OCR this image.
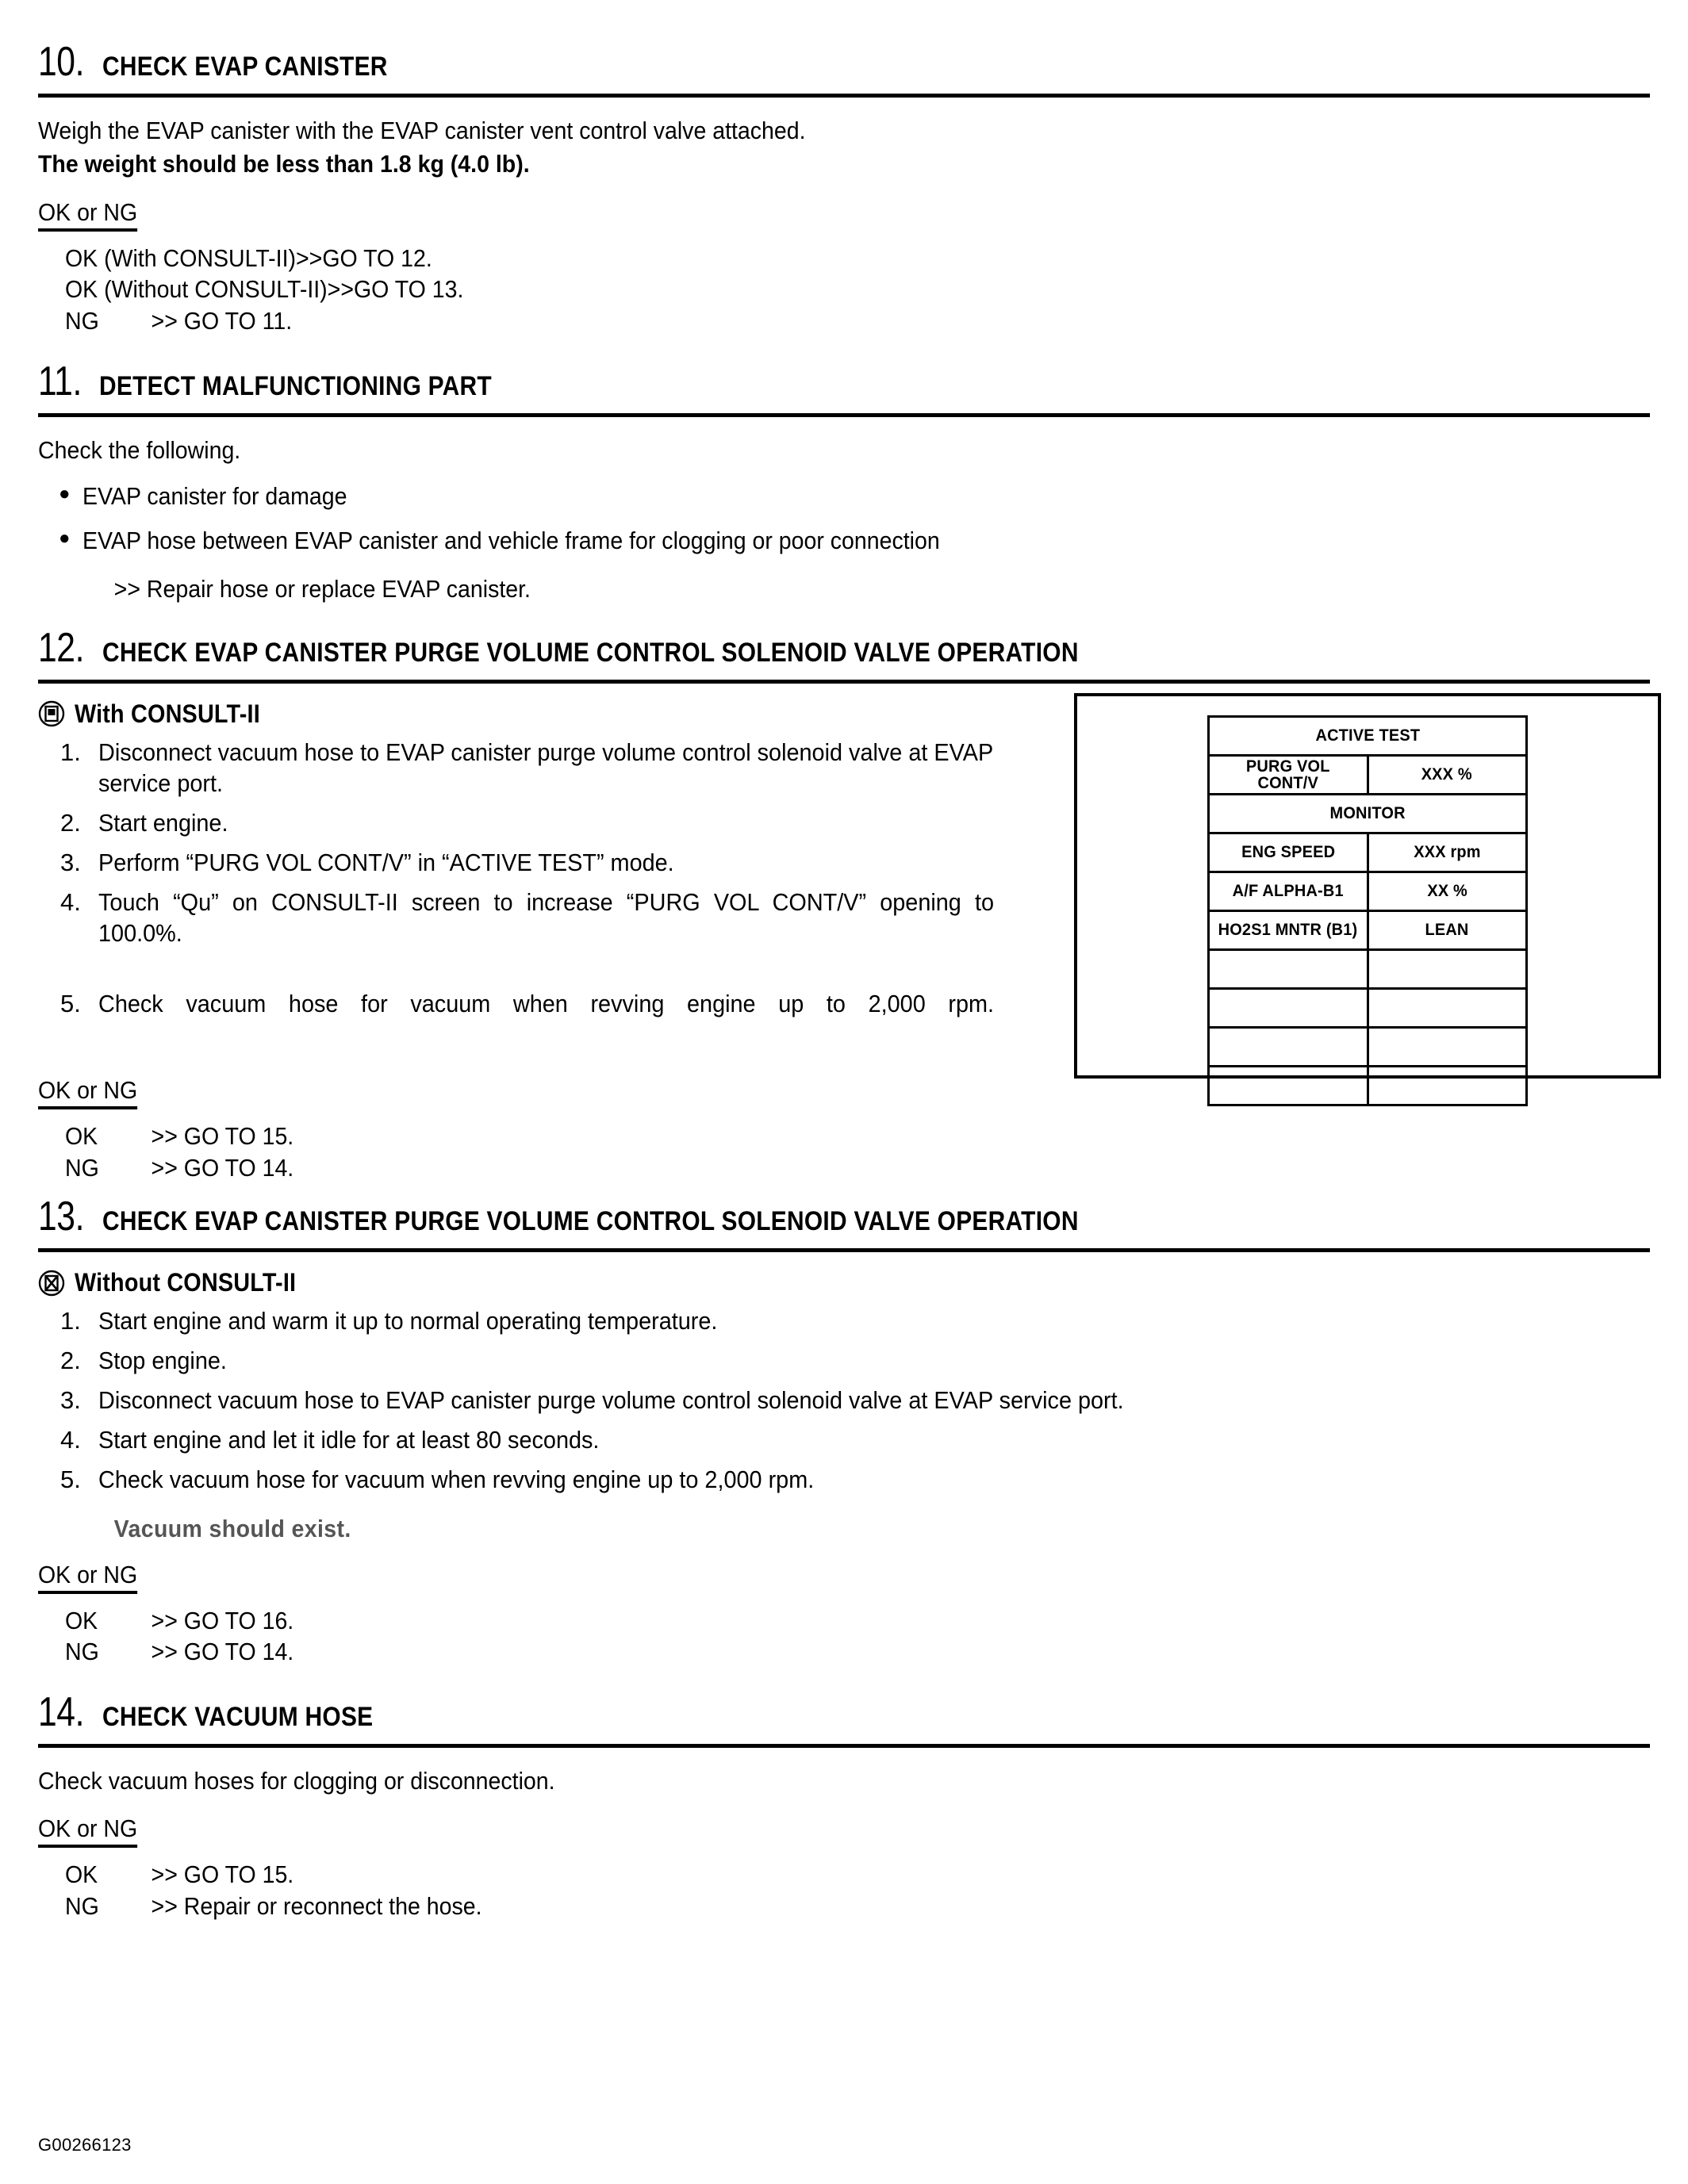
10. CHECK EVAP CANISTER
Weigh the EVAP canister with the EVAP canister vent control valve attached.
The weight should be less than 1.8 kg (4.0 lb).
OK or NG
OK (With CONSULT-II) >>GO TO 12.
OK (Without CONSULT-II) >>GO TO 13.
NG	>> GO TO 11.
11. DETECT MALFUNCTIONING PART
Check the following.
● EVAP canister for damage
● EVAP hose between EVAP canister and vehicle frame for clogging or poor connection
>> Repair hose or replace EVAP canister.
12. CHECK EVAP CANISTER PURGE VOLUME CONTROL SOLENOID VALVE OPERATION
With CONSULT-II
1. Disconnect vacuum hose to EVAP canister purge volume control solenoid valve at EVAP service port.
2. Start engine.
3. Perform “PURG VOL CONT/V” in “ACTIVE TEST” mode.
4. Touch “Qu” on CONSULT-II screen to increase “PURG VOL CONT/V” opening to 100.0%.
5. Check vacuum hose for vacuum when revving engine up to 2,000 rpm.
OK or NG
OK	>> GO TO 15.
NG	>> GO TO 14.
ACTIVE TEST	
PURG VOL CONT/V	XXX %
MONITOR	
ENG SPEED	XXX rpm
A/F ALPHA-B1	XX %
HO2S1 MNTR (B1)	LEAN

13. CHECK EVAP CANISTER PURGE VOLUME CONTROL SOLENOID VALVE OPERATION
Without CONSULT-II
1. Start engine and warm it up to normal operating temperature.
2. Stop engine.
3. Disconnect vacuum hose to EVAP canister purge volume control solenoid valve at EVAP service port.
4. Start engine and let it idle for at least 80 seconds.
5. Check vacuum hose for vacuum when revving engine up to 2,000 rpm.
Vacuum should exist.
OK or NG
OK	>> GO TO 16.
NG	>> GO TO 14.
14. CHECK VACUUM HOSE
Check vacuum hoses for clogging or disconnection.
OK or NG
OK	>> GO TO 15.
NG	>> Repair or reconnect the hose.
G00266123
